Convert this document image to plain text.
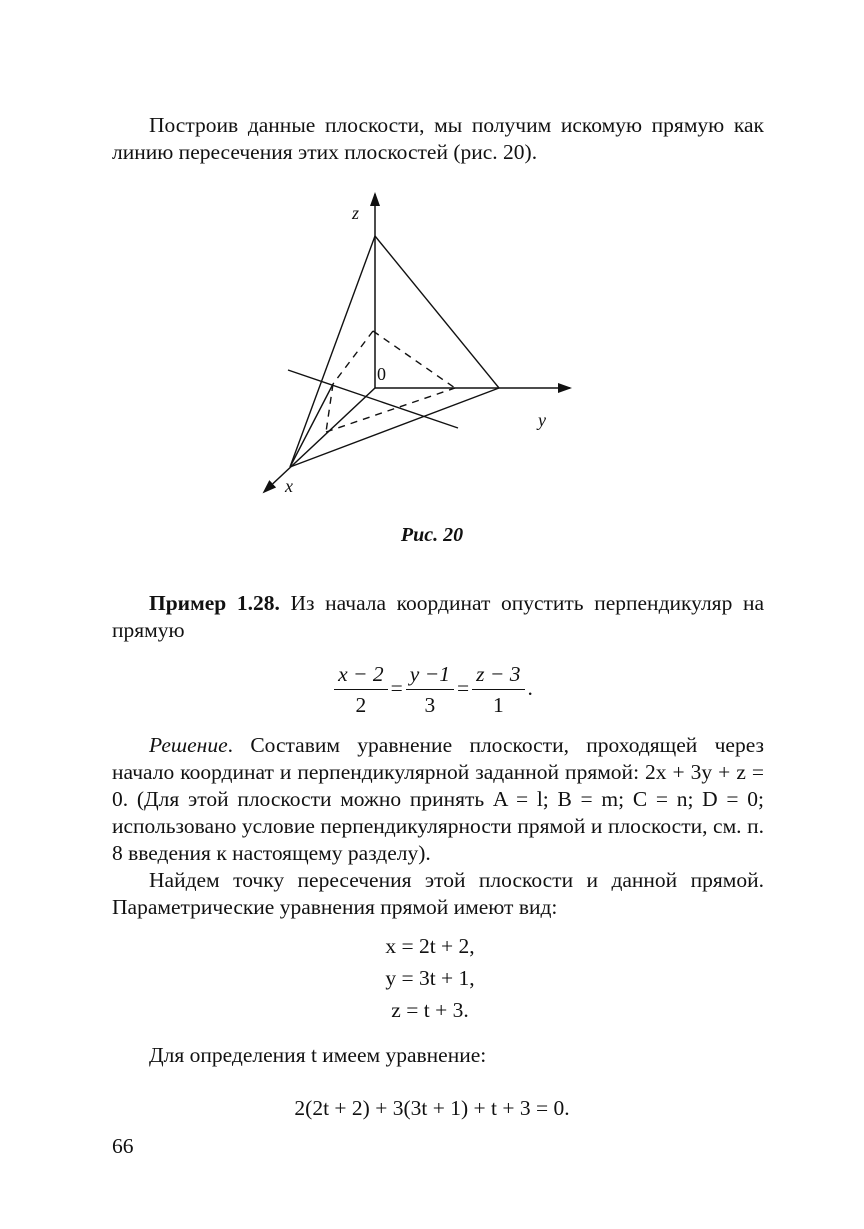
Построив данные плоскости, мы получим искомую прямую как

линию пересечения этих плоскостей (рис. 20).
z
y
x
0
Рис. 20

Пример 1.28. Из начала координат опустить перпендикуляр на прямую

$\frac{x - 2}{2} = \frac{y -1}{3} = \frac{z - 3}{1}$ .

Решение. Составим уравнение плоскости, проходящей через начало координат и перпендикулярной заданной прямой: 2x + 3y + z = 0. (Для этой плоскости можно принять A = l; B = m; C = n; D = 0; использовано условие перпендикулярности прямой и плоскости, см. п. 8 введения к настоящему разделу).

Найдем точку пересечения этой плоскости и данной прямой. Параметрические уравнения прямой имеют вид:

x = 2t + 2,
y = 3t + 1,
z = t + 3.

Для определения t имеем уравнение:

2(2t + 2) + 3(3t + 1) + t + 3 = 0.
66
